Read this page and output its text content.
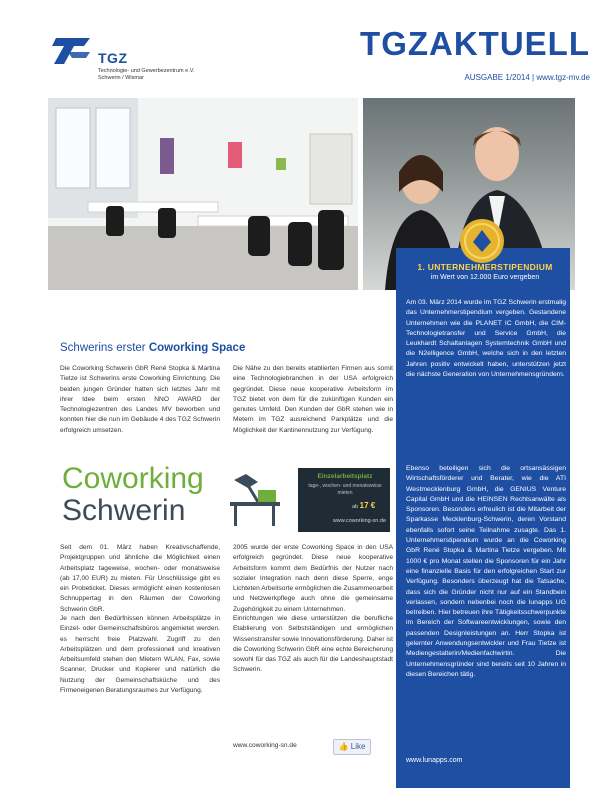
TGZ
Technologie- und Gewerbezentrum e.V.
Schwerin / Wismar
TGZAKTUELL
AUSGABE 1/2014 | www.tgz-mv.de
1. UNTERNEHMERSTIPENDIUM
im Wert von 12.000 Euro vergeben
Am 03. März 2014 wurde im TGZ Schwerin erstmalig das Unternehmerstipendium vergeben. Gestandene Unternehmen wie die PLANET IC GmbH, die CIM-Technologietransfer und Service GmbH, die Leukhardt Schaltanlagen Systemtechnik GmbH und die N2elligence GmbH, welche sich in den letzten Jahren positiv entwickelt haben, unterstützen jetzt die nächste Generation von Unternehmensgründern.
Ebenso beteiligen sich die ortsansässigen Wirtschaftsförderer und Berater, wie die ATI Westmecklenburg GmbH, die GENIUS Venture Capital GmbH und die HEINSEN Rechtsanwälte als Sponsoren. Besonders erfreulich ist die Mitarbeit der Sparkasse Mecklenburg-Schwerin, deren Vorstand ebenfalls sofort seine Teilnahme zusagte. Das 1. Unternehmerstipendium wurde an die Coworking GbR René Stopka & Martina Tietze vergeben. Mit 1000 € pro Monat stellen die Sponsoren für ein Jahr eine finanzielle Basis für den erfolgreichen Start zur Verfügung. Besonders überzeugt hat die Tatsache, dass sich die Gründer nicht nur auf ein Standbein verlassen, sondern nebenbei noch die lunapps UG betreiben. Hier betreuen ihre Tätigkeitsschwerpunkte im Bereich der Softwareentwicklungen, sowie den passenden Designleistungen an. Herr Stopka ist gelernter Anwendungsentwickler und Frau Tietze ist Mediengestalterin/Medienfachwirtin. Die Unternehmensgründer sind bereits seit 10 Jahren in diesen Bereichen tätig.
www.lunapps.com
Schwerins erster Coworking Space
Die Coworking Schwerin GbR René Stopka & Martina Tietze ist Schwerins erste Coworking Einrichtung. Die beiden jungen Gründer hatten sich letztes Jahr mit ihrer Idee beim ersten NNO AWARD der Technologiezentren des Landes MV beworben und konnten hier die nun im Gebäude 4 des TGZ Schwerin erfolgreich umsetzen.
Die Nähe zu den bereits etablierten Firmen aus somit eine Technologiebranchen in der USA erfolgreich gegründet. Diese neue kooperative Arbeitsform im TGZ bietet von dem für die zukünftigen Kunden ein genutes Umfeld. Den Kunden der GbR stehen wie in Metern im TGZ ausreichend Parkplätze und die Möglichkeit der Kantinennutzung zur Verfügung.
Coworking
Schwerin
Einzelarbeitsplatz
tage-, wochen- und monatsweise mieten
ab 17 €
www.coworking-sn.de
Seit dem 01. März haben Kreativschaffende, Projektgruppen und ähnliche die Möglichkeit einen Arbeitsplatz tageweise, wochen- oder monatsweise (ab 17,00 EUR) zu mieten. Für Unschlüssige gibt es ein Probeticket. Dieses ermöglicht einen kostenlosen Schnuppertag in den Räumen der Coworking Schwerin GbR.
Je nach den Bedürfnissen können Arbeitsplätze in Einzel- oder Gemeinschaftsbüros angemietet werden. es herrscht freie Platzwahl. Zugriff zu den Arbeitsplätzen und dem professionell und kreativen Arbeitsumfeld stehen den Mietern WLAN, Fax, sowie Scanner, Drucker und Kopierer und natürlich die Nutzung der Gemeinschaftsküche und des Firmeneigenen Beratungsraumes zur Verfügung.
2005 wurde der erste Coworking Space in den USA erfolgreich gegründet. Diese neue kooperative Arbeitsform kommt dem Bedürfnis der Nutzer nach sozialer Integration nach denn diese Sperre, enge Lichteten Arbeitsorte ermöglichen die Zusammenarbeit und Netzwerkpflege auch ohne die gemeinsame Zugehörigkeit zu einem Unternehmen.
Einrichtungen wie diese unterstützen die berufliche Etablierung von Selbstständigen und ermöglichen Wissenstransfer sowie Innovationsförderung. Daher ist die Coworking Schwerin GbR eine echte Bereicherung sowohl für das TGZ als auch für die Landeshauptstadt Schwerin.
www.coworking-sn.de	👍 Like
